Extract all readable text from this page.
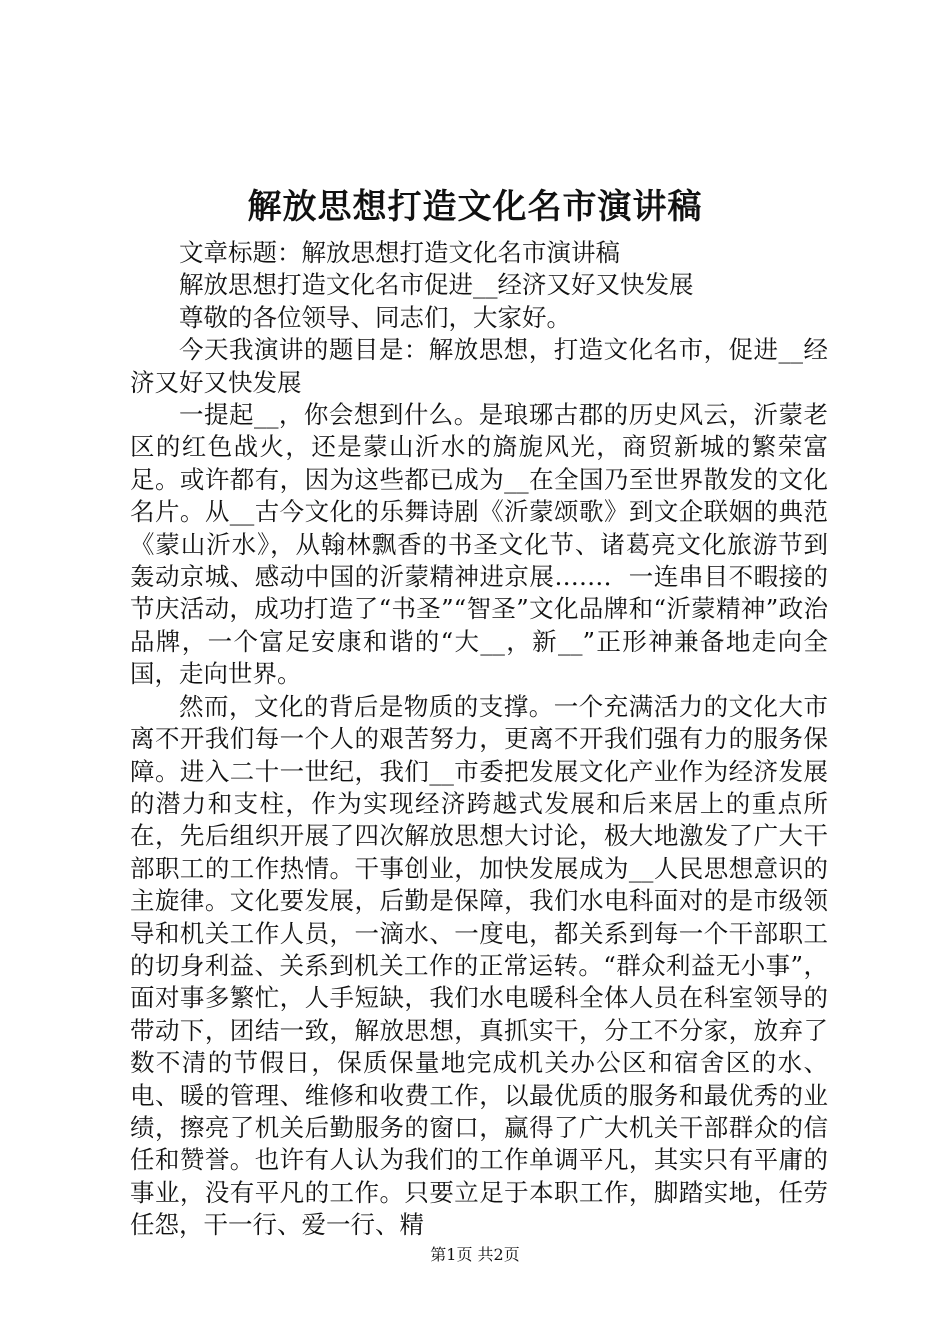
解放思想打造文化名市演讲稿

文章标题：解放思想打造文化名市演讲稿

解放思想打造文化名市促进__经济又好又快发展

尊敬的各位领导、同志们，大家好。

今天我演讲的题目是：解放思想，打造文化名市，促进__经济又好又快发展

一提起__，你会想到什么。是琅琊古郡的历史风云，沂蒙老区的红色战火，还是蒙山沂水的旖旎风光，商贸新城的繁荣富足。或许都有，因为这些都已成为__在全国乃至世界散发的文化名片。从__古今文化的乐舞诗剧《沂蒙颂歌》到文企联姻的典范《蒙山沂水》，从翰林飘香的书圣文化节、诸葛亮文化旅游节到轰动京城、感动中国的沂蒙精神进京展……．一连串目不暇接的节庆活动，成功打造了“书圣”“智圣”文化品牌和“沂蒙精神”政治品牌，一个富足安康和谐的“大__，新__”正形神兼备地走向全国，走向世界。

然而，文化的背后是物质的支撑。一个充满活力的文化大市离不开我们每一个人的艰苦努力，更离不开我们强有力的服务保障。进入二十一世纪，我们__市委把发展文化产业作为经济发展的潜力和支柱，作为实现经济跨越式发展和后来居上的重点所在，先后组织开展了四次解放思想大讨论，极大地激发了广大干部职工的工作热情。干事创业，加快发展成为__人民思想意识的主旋律。文化要发展，后勤是保障，我们水电科面对的是市级领导和机关工作人员，一滴水、一度电，都关系到每一个干部职工的切身利益、关系到机关工作的正常运转。“群众利益无小事”，面对事多繁忙，人手短缺，我们水电暖科全体人员在科室领导的带动下，团结一致，解放思想，真抓实干，分工不分家，放弃了数不清的节假日，保质保量地完成机关办公区和宿舍区的水、电、暖的管理、维修和收费工作，以最优质的服务和最优秀的业绩，擦亮了机关后勤服务的窗口，赢得了广大机关干部群众的信任和赞誉。也许有人认为我们的工作单调平凡，其实只有平庸的事业，没有平凡的工作。只要立足于本职工作，脚踏实地，任劳任怨，干一行、爱一行、精

第1页 共2页
